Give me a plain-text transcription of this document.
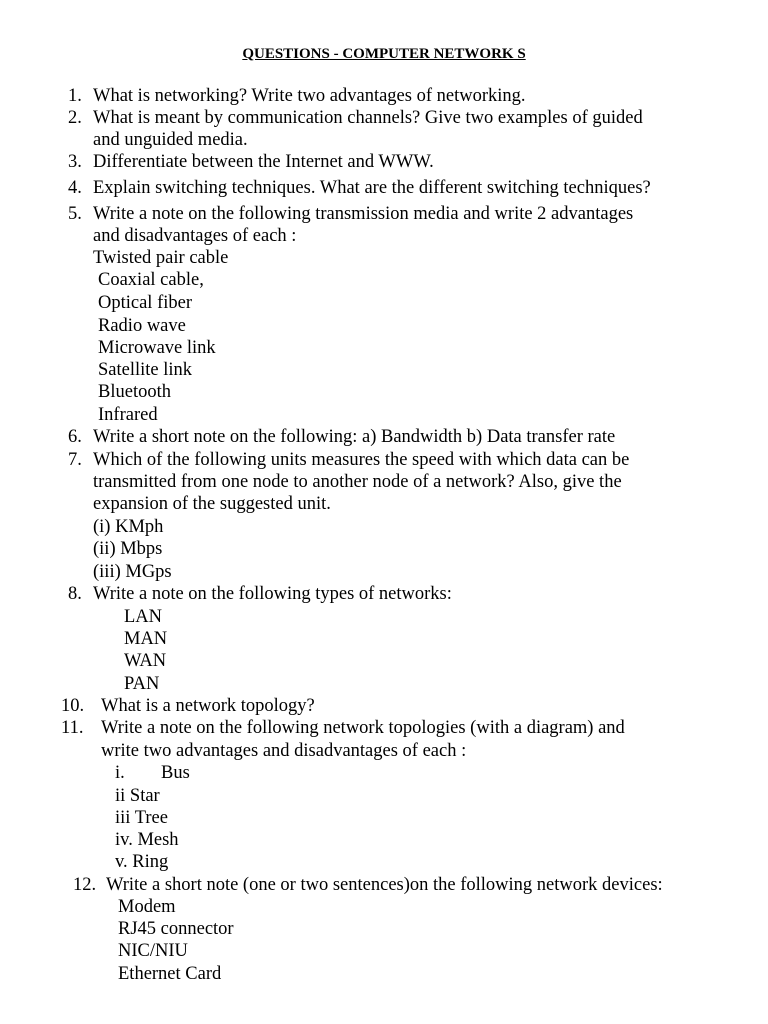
QUESTIONS - COMPUTER NETWORK S
1. What is networking? Write two advantages of networking.
2. What is meant by communication channels? Give two examples of guided
and unguided media.
3. Differentiate between the Internet and WWW.
4. Explain switching techniques. What are the different switching techniques?
5. Write a note on the following transmission media and write 2 advantages
and disadvantages of each :
Twisted pair cable
Coaxial cable,
Optical fiber
Radio wave
Microwave link
Satellite link
Bluetooth
Infrared
6. Write a short note on the following: a) Bandwidth b) Data transfer rate
7. Which of the following units measures the speed with which data can be
transmitted from one node to another node of a network? Also, give the
expansion of the suggested unit.
(i) KMph
(ii) Mbps
(iii) MGps
8. Write a note on the following types of networks:
LAN
MAN
WAN
PAN
10. What is a network topology?
11. Write a note on the following network topologies (with a diagram) and
write two advantages and disadvantages of each :
i. Bus
ii Star
iii Tree
iv. Mesh
v. Ring
12. Write a short note (one or two sentences)on the following network devices:
Modem
RJ45 connector
NIC/NIU
Ethernet Card
